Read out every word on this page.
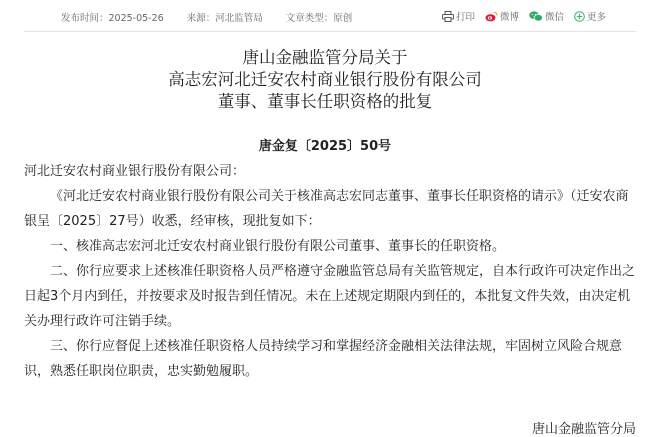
发布时间：2025-05-26 来源：河北监管局 文章类型：原创	打印	微博	微信 更多
唐山金融监管分局关于
高志宏河北迁安农村商业银行股份有限公司
董事、董事长任职资格的批复
唐金复〔2025〕50号

河北迁安农村商业银行股份有限公司：

《河北迁安农村商业银行股份有限公司关于核准高志宏同志董事、董事长任职资格的请示》（迁安农商银呈〔2025〕27号）收悉，经审核，现批复如下：

一、核准高志宏河北迁安农村商业银行股份有限公司董事、董事长的任职资格。

二、你行应要求上述核准任职资格人员严格遵守金融监管总局有关监管规定，自本行政许可决定作出之日起3个月内到任，并按要求及时报告到任情况。未在上述规定期限内到任的，本批复文件失效，由决定机关办理行政许可注销手续。

三、你行应督促上述核准任职资格人员持续学习和掌握经济金融相关法律法规，牢固树立风险合规意识，熟悉任职岗位职责，忠实勤勉履职。

唐山金融监管分局
